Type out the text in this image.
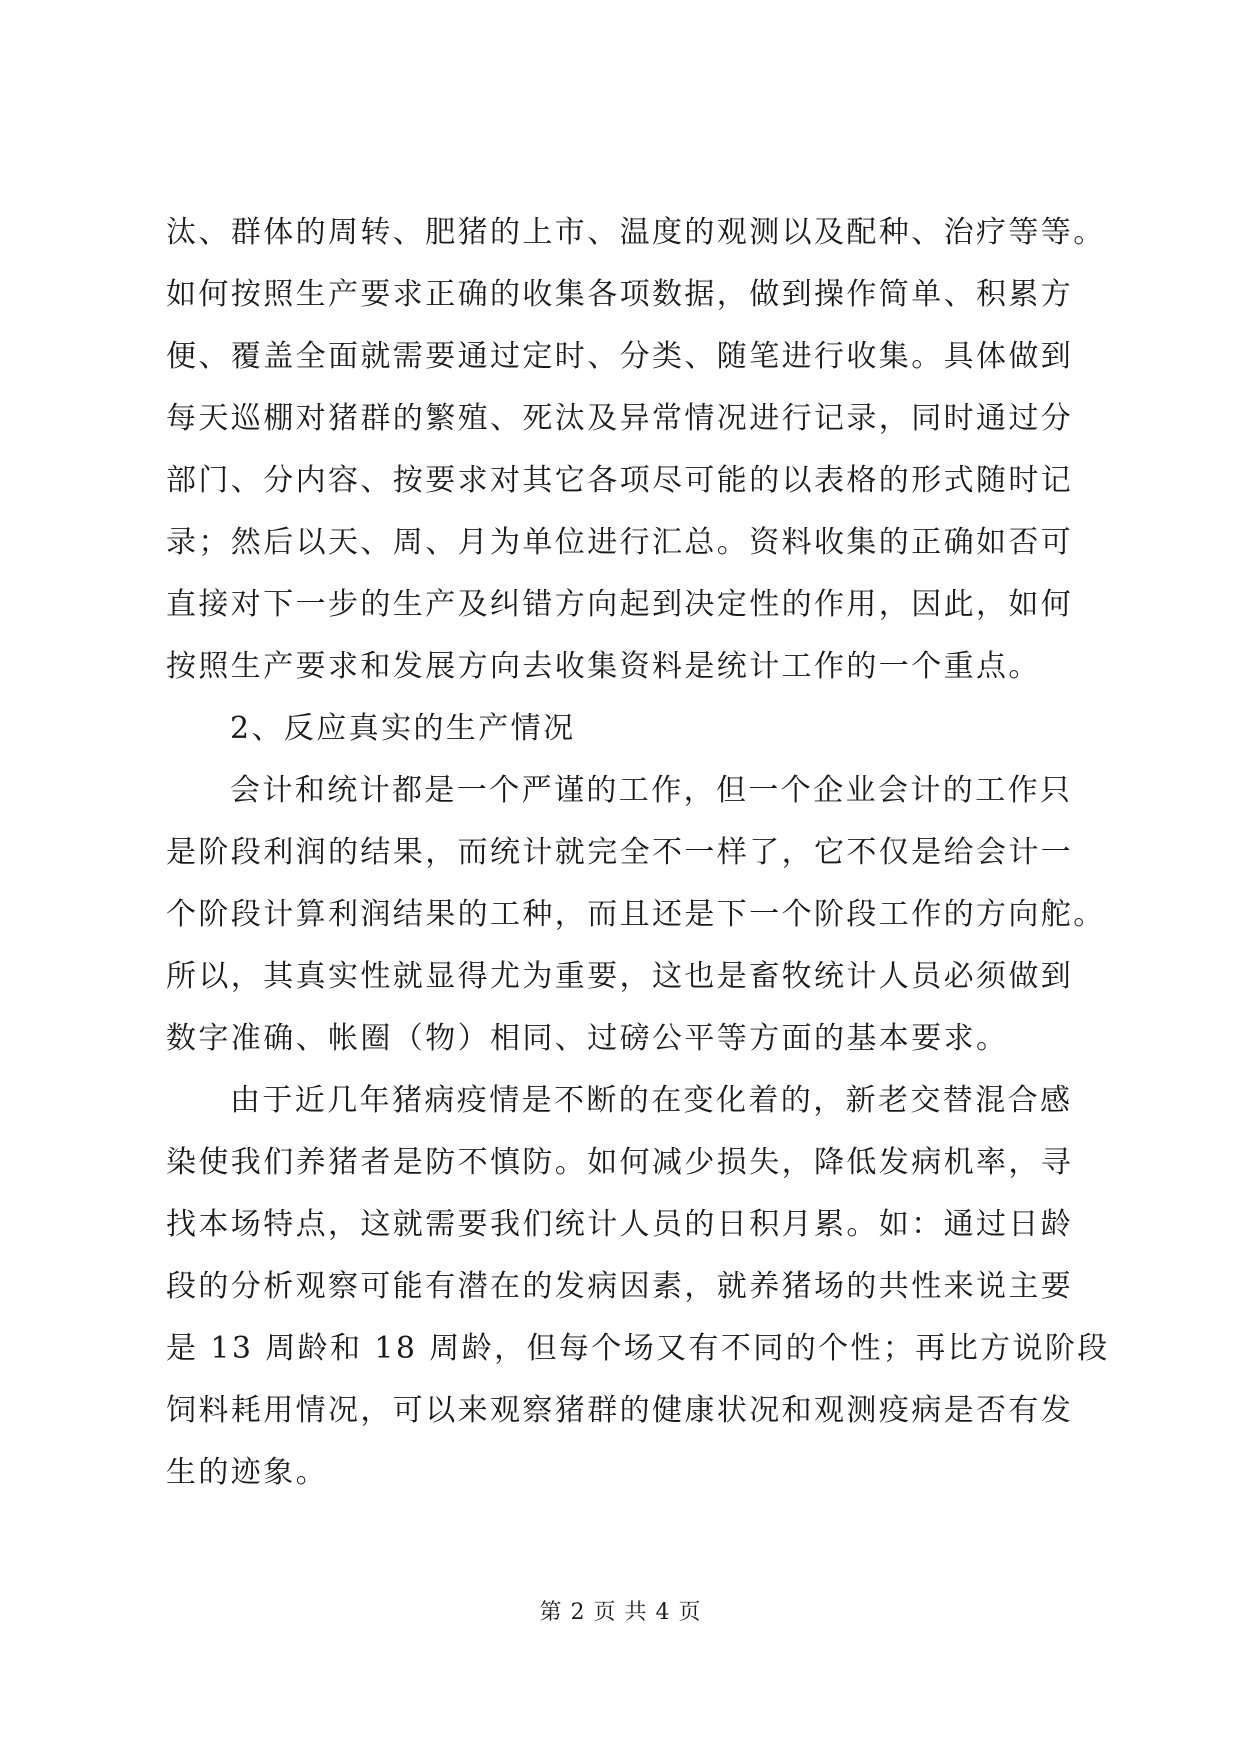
汰、群体的周转、肥猪的上市、温度的观测以及配种、治疗等等。
如何按照生产要求正确的收集各项数据，做到操作简单、积累方
便、覆盖全面就需要通过定时、分类、随笔进行收集。具体做到
每天巡棚对猪群的繁殖、死汰及异常情况进行记录，同时通过分
部门、分内容、按要求对其它各项尽可能的以表格的形式随时记
录；然后以天、周、月为单位进行汇总。资料收集的正确如否可
直接对下一步的生产及纠错方向起到决定性的作用，因此，如何
按照生产要求和发展方向去收集资料是统计工作的一个重点。
2、反应真实的生产情况
会计和统计都是一个严谨的工作，但一个企业会计的工作只
是阶段利润的结果，而统计就完全不一样了，它不仅是给会计一
个阶段计算利润结果的工种，而且还是下一个阶段工作的方向舵。
所以，其真实性就显得尤为重要，这也是畜牧统计人员必须做到
数字准确、帐圈（物）相同、过磅公平等方面的基本要求。
由于近几年猪病疫情是不断的在变化着的，新老交替混合感
染使我们养猪者是防不慎防。如何减少损失，降低发病机率，寻
找本场特点，这就需要我们统计人员的日积月累。如：通过日龄
段的分析观察可能有潜在的发病因素，就养猪场的共性来说主要
是 13 周龄和 18 周龄，但每个场又有不同的个性；再比方说阶段
饲料耗用情况，可以来观察猪群的健康状况和观测疫病是否有发
生的迹象。
第 2 页 共 4 页
